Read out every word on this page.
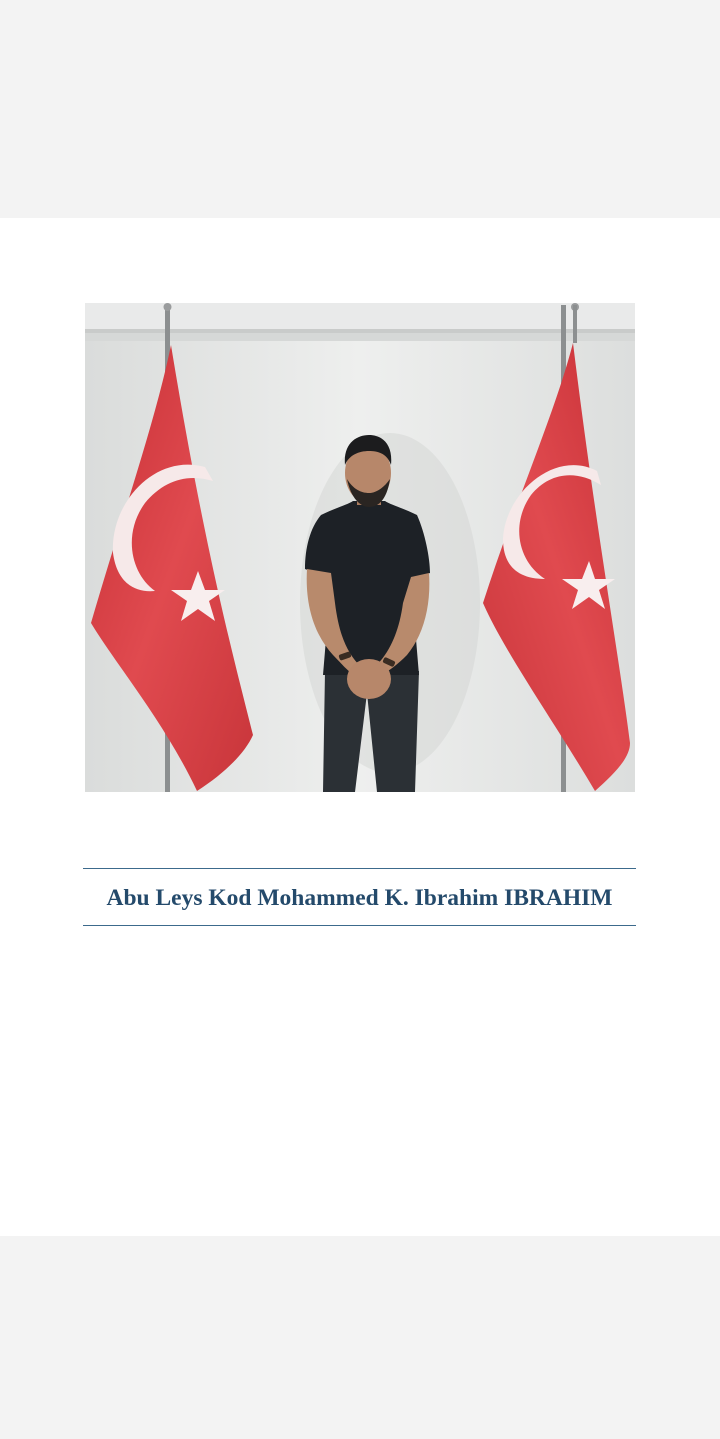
Abu Leys Kod Mohammed K. Ibrahim IBRAHIM
